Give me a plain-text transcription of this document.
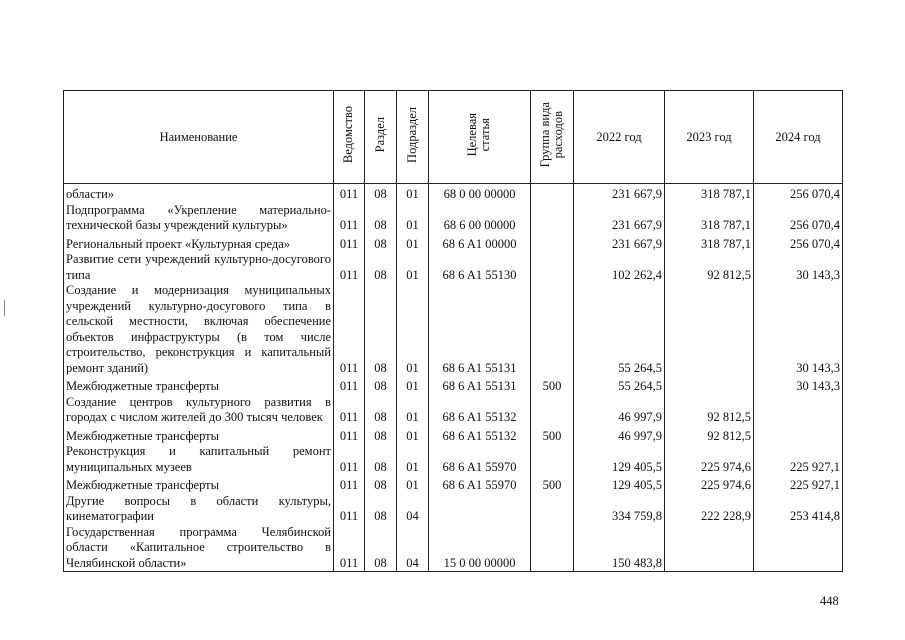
Наименование	Ведомство	Раздел	Подраздел	Целевая статья	Группа вида расходов	2022 год	2023 год	2024 год
области»	011	08	01	68 0 00 00000		231 667,9	318 787,1	256 070,4
Подпрограмма «Укрепление материально-технической базы учреждений культуры»	011	08	01	68 6 00 00000		231 667,9	318 787,1	256 070,4
Региональный проект «Культурная среда»	011	08	01	68 6 A1 00000		231 667,9	318 787,1	256 070,4
Развитие сети учреждений культурно-досугового типа	011	08	01	68 6 A1 55130		102 262,4	92 812,5	30 143,3
Создание и модернизация муниципальных учреждений культурно-досугового типа в сельской местности, включая обеспечение объектов инфраструктуры (в том числе строительство, реконструкция и капитальный ремонт зданий)	011	08	01	68 6 A1 55131		55 264,5		30 143,3
Межбюджетные трансферты	011	08	01	68 6 A1 55131	500	55 264,5		30 143,3
Создание центров культурного развития в городах с числом жителей до 300 тысяч человек	011	08	01	68 6 A1 55132		46 997,9	92 812,5	
Межбюджетные трансферты	011	08	01	68 6 A1 55132	500	46 997,9	92 812,5	
Реконструкция и капитальный ремонт муниципальных музеев	011	08	01	68 6 A1 55970		129 405,5	225 974,6	225 927,1
Межбюджетные трансферты	011	08	01	68 6 A1 55970	500	129 405,5	225 974,6	225 927,1
Другие вопросы в области культуры, кинематографии	011	08	04			334 759,8	222 228,9	253 414,8
Государственная программа Челябинской области «Капитальное строительство в Челябинской области»	011	08	04	15 0 00 00000		150 483,8		
448
